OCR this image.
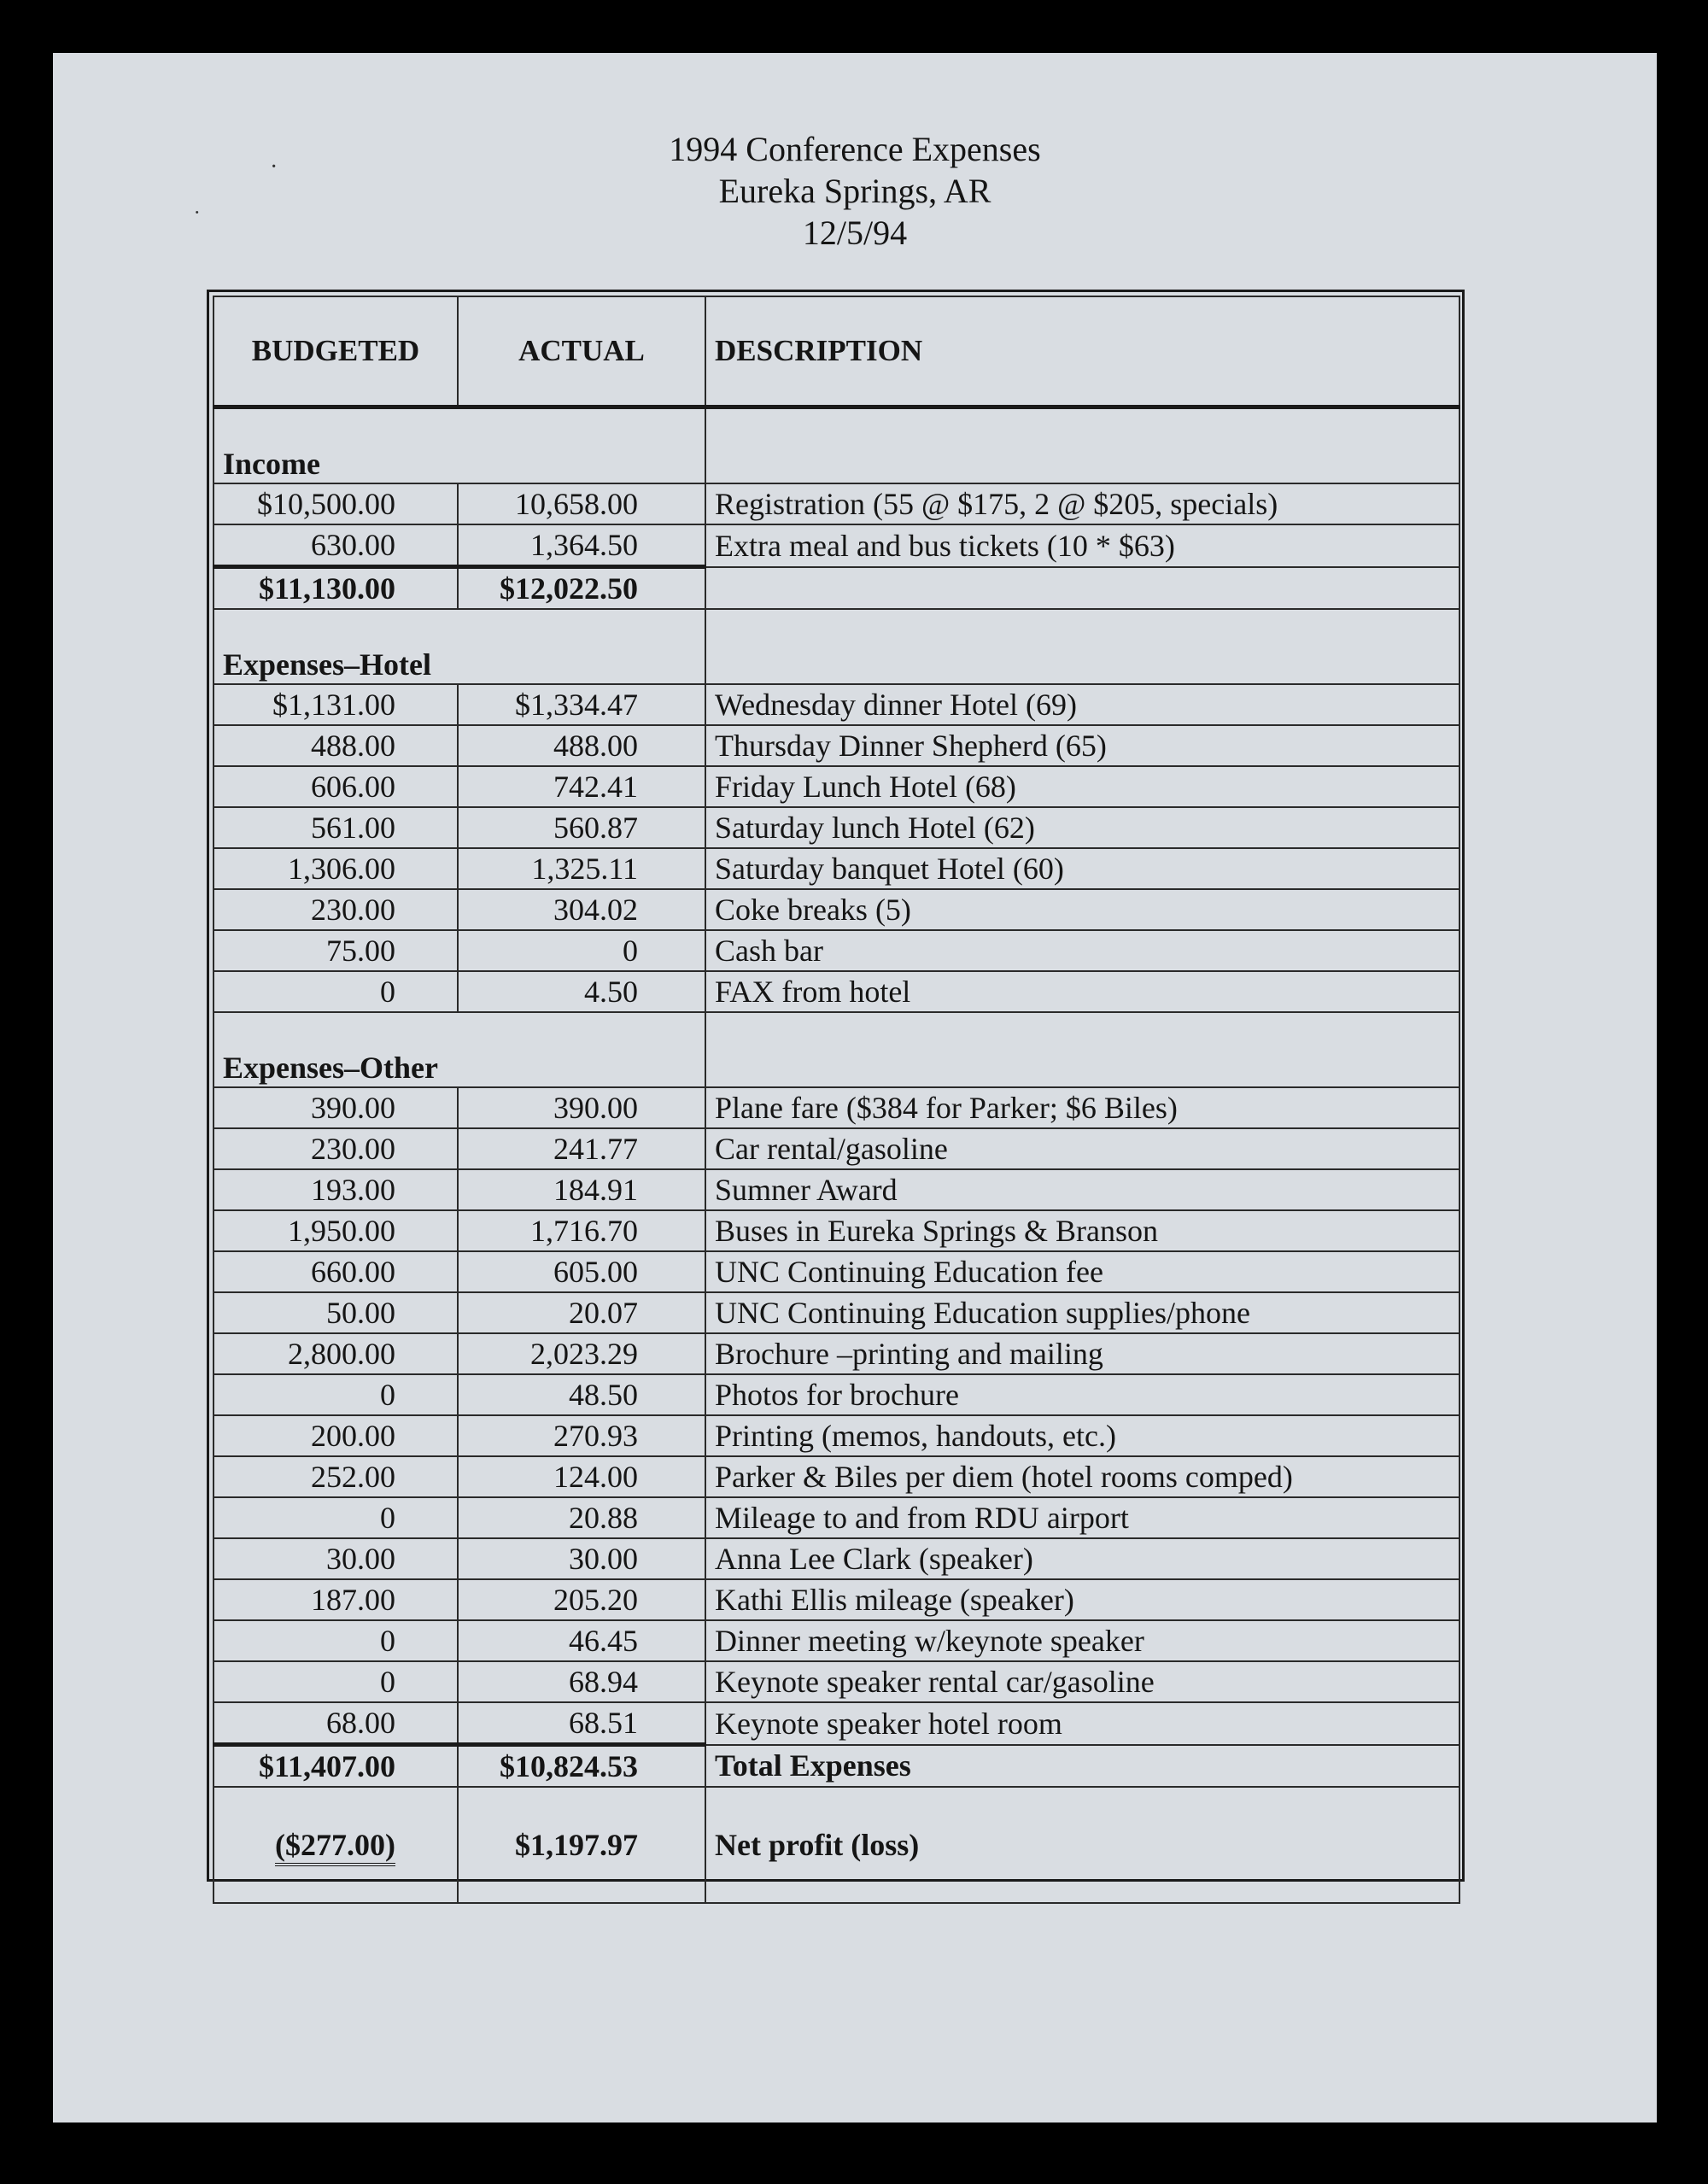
·
˙
1994 Conference Expenses
Eureka Springs, AR
12/5/94
BUDGETED	ACTUAL	DESCRIPTION
Income		
$10,500.00	10,658.00	Registration (55 @ $175, 2 @ $205, specials)
630.00	1,364.50	Extra meal and bus tickets (10 * $63)
$11,130.00	$12,022.50	
Expenses–Hotel		
$1,131.00	$1,334.47	Wednesday dinner Hotel (69)
488.00	488.00	Thursday Dinner Shepherd (65)
606.00	742.41	Friday Lunch Hotel (68)
561.00	560.87	Saturday lunch Hotel (62)
1,306.00	1,325.11	Saturday banquet Hotel (60)
230.00	304.02	Coke breaks (5)
75.00	0	Cash bar
0	4.50	FAX from hotel
Expenses–Other		
390.00	390.00	Plane fare ($384 for Parker; $6 Biles)
230.00	241.77	Car rental/gasoline
193.00	184.91	Sumner Award
1,950.00	1,716.70	Buses in Eureka Springs & Branson
660.00	605.00	UNC Continuing Education fee
50.00	20.07	UNC Continuing Education supplies/phone
2,800.00	2,023.29	Brochure –printing and mailing
0	48.50	Photos for brochure
200.00	270.93	Printing (memos, handouts, etc.)
252.00	124.00	Parker & Biles per diem (hotel rooms comped)
0	20.88	Mileage to and from RDU airport
30.00	30.00	Anna Lee Clark (speaker)
187.00	205.20	Kathi Ellis mileage (speaker)
0	46.45	Dinner meeting w/keynote speaker
0	68.94	Keynote speaker rental car/gasoline
68.00	68.51	Keynote speaker hotel room
$11,407.00	$10,824.53	Total Expenses
($277.00)	$1,197.97	Net profit (loss)
